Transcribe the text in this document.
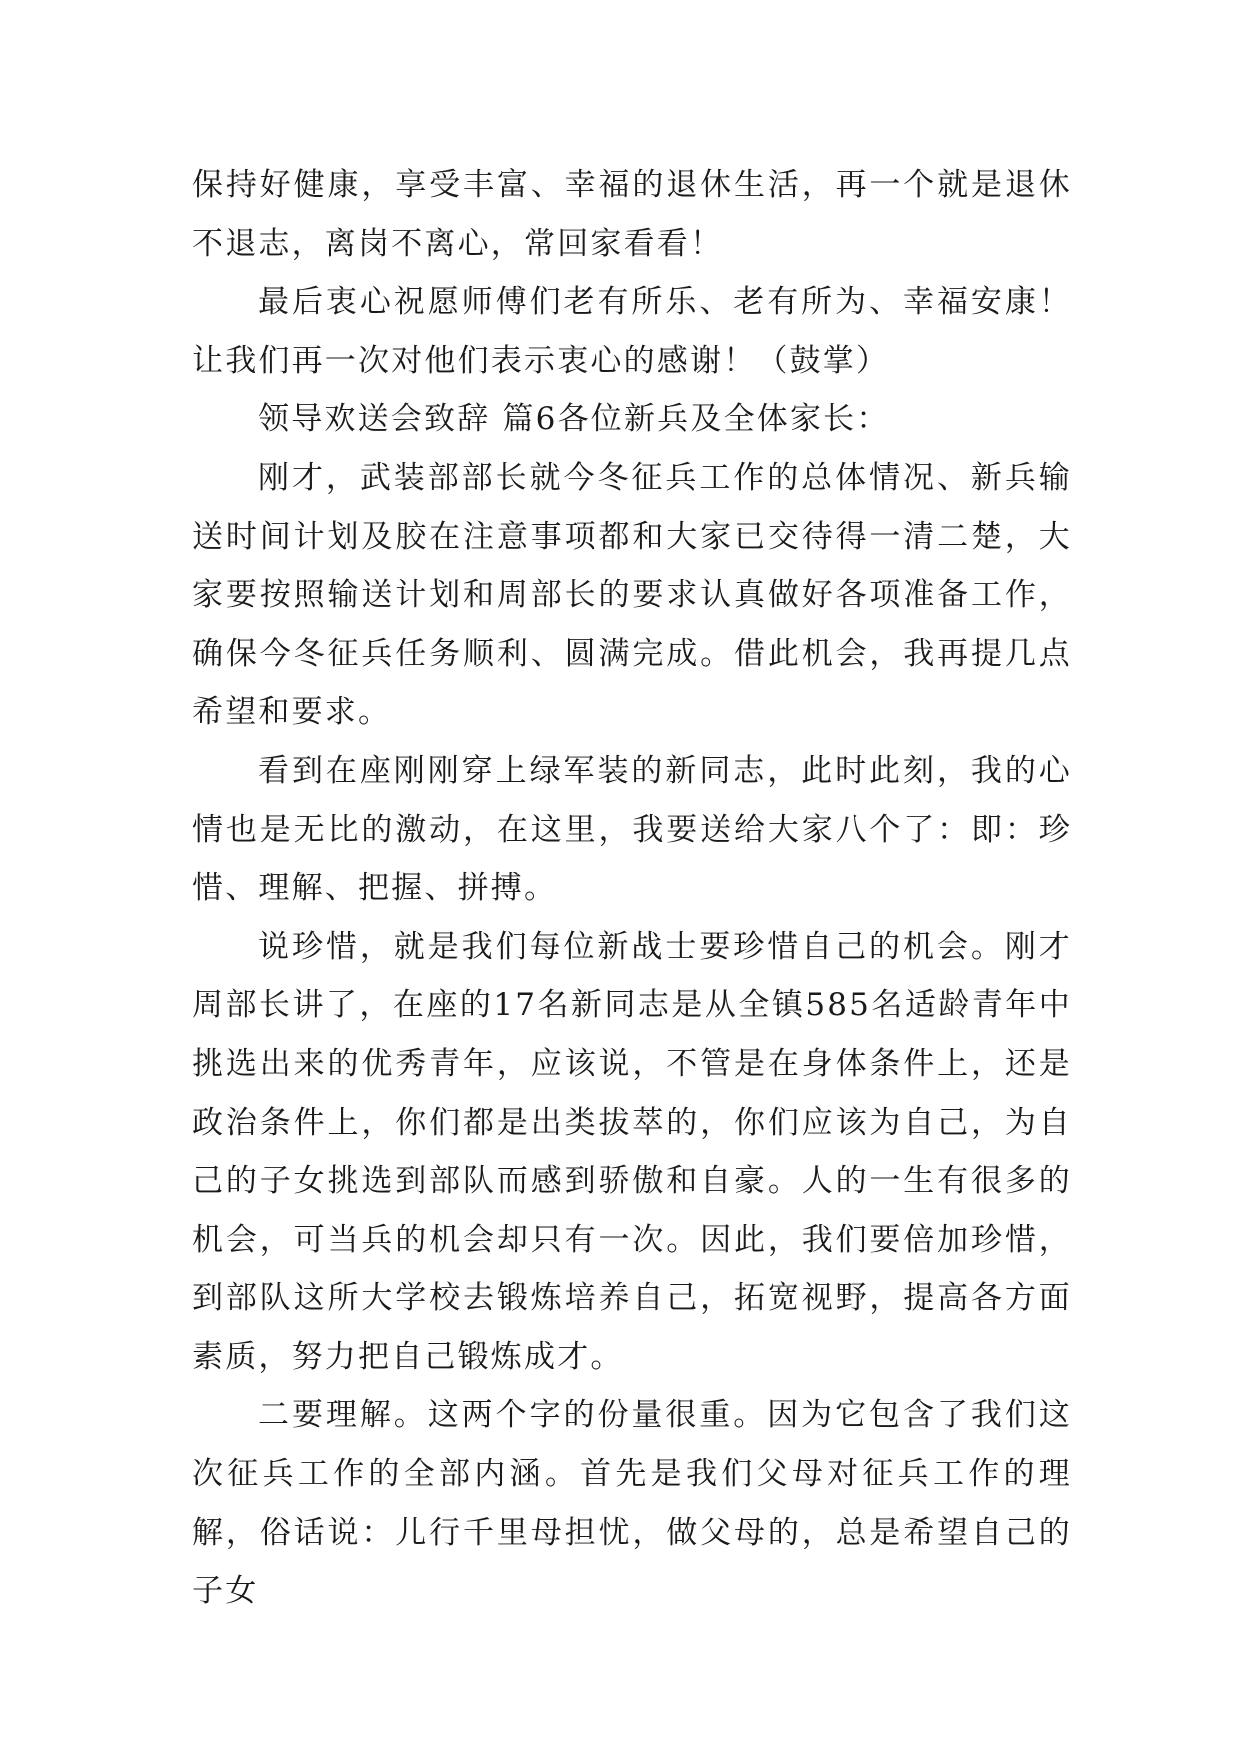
保持好健康，享受丰富、幸福的退休生活，再一个就是退休不退志，离岗不离心，常回家看看！

最后衷心祝愿师傅们老有所乐、老有所为、幸福安康！让我们再一次对他们表示衷心的感谢！（鼓掌）

领导欢送会致辞 篇6各位新兵及全体家长：

刚才，武装部部长就今冬征兵工作的总体情况、新兵输送时间计划及胶在注意事项都和大家已交待得一清二楚，大家要按照输送计划和周部长的要求认真做好各项准备工作，确保今冬征兵任务顺利、圆满完成。借此机会，我再提几点希望和要求。

看到在座刚刚穿上绿军装的新同志，此时此刻，我的心情也是无比的激动，在这里，我要送给大家八个了：即：珍惜、理解、把握、拼搏。

说珍惜，就是我们每位新战士要珍惜自己的机会。刚才周部长讲了，在座的17名新同志是从全镇585名适龄青年中挑选出来的优秀青年，应该说，不管是在身体条件上，还是政治条件上，你们都是出类拔萃的，你们应该为自己，为自己的子女挑选到部队而感到骄傲和自豪。人的一生有很多的机会，可当兵的机会却只有一次。因此，我们要倍加珍惜，到部队这所大学校去锻炼培养自己，拓宽视野，提高各方面素质，努力把自己锻炼成才。

二要理解。这两个字的份量很重。因为它包含了我们这次征兵工作的全部内涵。首先是我们父母对征兵工作的理解，俗话说：儿行千里母担忧，做父母的，总是希望自己的子女
